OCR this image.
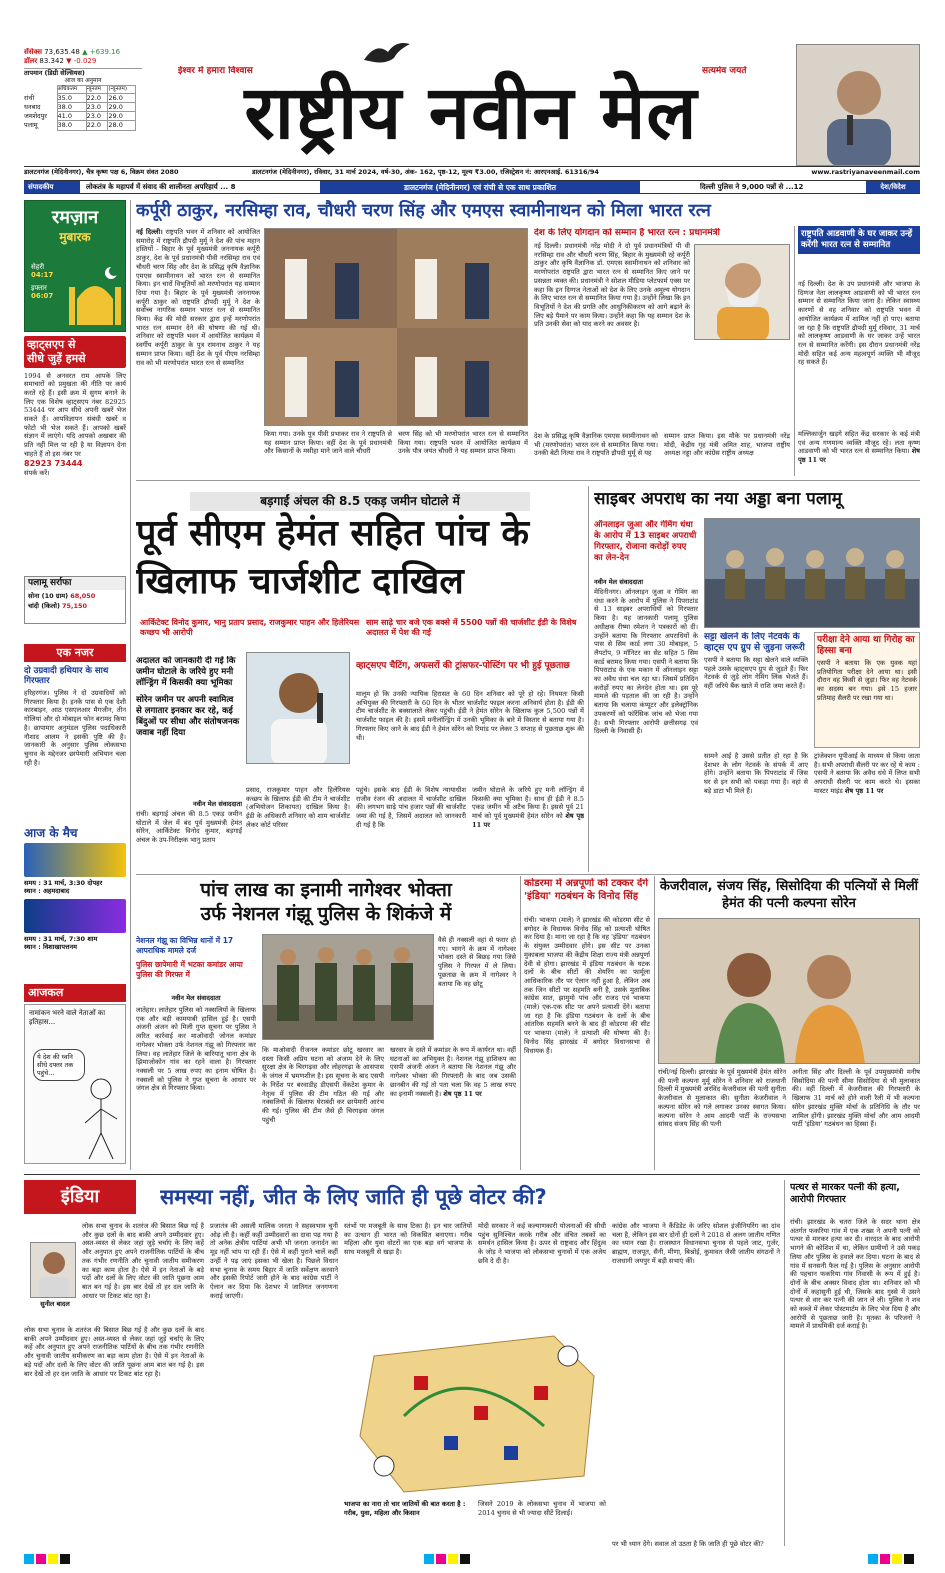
सेंसेक्स 73,635.48 ▲ +639.16
डॉलर 83.342 ▼ -0.029
तापमान (डिग्री सेल्सियस)
आज का अनुमान
	अधिकतम	न्यूनतम	(न्यूनतम)
रांची	35.0	22.0	26.0
धनबाद	38.0	23.0	29.0
जमशेदपुर	41.0	23.0	29.0
पलामू	38.0	22.0	28.0
ईश्वर में हमारा विश्वास	सत्यमेव जयते
राष्ट्रीय नवीन मेल
डालटनगंज (मेदिनीनगर), चैत्र कृष्ण पक्ष 6, विक्रम संवत 2080	डालटनगंज (मेदिनीनगर), रविवार, 31 मार्च 2024, वर्ष-30, अंक- 162, पृष्ठ-12, मूल्य ₹3.00, रजिस्ट्रेशन नं: आरएनआई. 61316/94	www.rastriyanaveenmail.com
संपादकीय	लोकतंत्र के महापर्व में संवाद की शालीनता अपरिहार्य ... 8	डालटनगंज (मेदिनीनगर) एवं रांची से एक साथ प्रकाशित	दिल्ली पुलिस ने 9,000 पन्नों से ...12	देश/विदेश
रमज़ान
मुबारक
सेहरी
04:17
इफ्तार
06:07
व्हाट्सएप से
सीधे जुड़ें हमसे
1994 से अनवरत राम आपके लिए समाचारों को प्रमुखता की नीति पर कार्य करते रहे हैं। इसी क्रम में सुगम बनाने के लिए एक विशेष व्हाट्सएप नंबर 82925 53444 पर आप सीधे अपनी खबरें भेज सकते हैं। आपविज्ञापन संबंधी खबरें व फोटो भी भेज सकते हैं। आपको खबरें संज्ञान में लाएंगे। यदि आपको अखबार की प्रति नहीं मिल पा रही है या विज्ञापन देना चाहते हैं तो इस नंबर पर
82923 73444
संपर्क करें।
पलामू सर्राफा
सोना (10 ग्राम) 68,050
चांदी (किलो) 75,150
एक नजर
दो उग्रवादी हथियार के साथ गिरफ्तार
हरिहरगंज। पुलिस ने दो उग्रवादियों को गिरफ्तार किया है। इनके पास से एक देशी कारबाइन, आठ एसएलआर मैगजीन, तीन गोलियां और दो मोबाइल फोन बरामद किया है। छापामार अनुमंडल पुलिस पदाधिकारी नौशाद आलम ने इसकी पुष्टि की है। जानकारी के अनुसार पुलिस लोकसभा चुनाव के मद्देनजर छापेमारी अभियान चला रही है।
आज के मैच
समय : 31 मार्च, 3:30 दोपहर
स्थान : अहमदाबाद
समय : 31 मार्च, 7:30 शाम
स्थान : विशाखापत्तनम
आजकल
नामांकन भरने वाले नेताओं का इतिहास...
ये देश की ध्वनि सीधे दफ्तर तक पहुंचे...
कर्पूरी ठाकुर, नरसिम्हा राव, चौधरी चरण सिंह और एमएस स्वामीनाथन को मिला भारत रत्न
नई दिल्ली। राष्ट्रपति भवन में शनिवार को आयोजित समारोह में राष्ट्रपति द्रौपदी मुर्मू ने देश की पांच महान हस्तियों - बिहार के पूर्व मुख्यमंत्री जननायक कर्पूरी ठाकुर, देश के पूर्व प्रधानमंत्री पीवी नरसिम्हा राव एवं चौधरी चरण सिंह और देश के प्रसिद्ध कृषि वैज्ञानिक एमएस स्वामीनाथन को भारत रत्न से सम्मानित किया। इन चारों विभूतियों को मरणोपरांत यह सम्मान दिया गया है। बिहार के पूर्व मुख्यमंत्री जननायक कर्पूरी ठाकुर को राष्ट्रपति द्रौपदी मुर्मू ने देश के सर्वोच्च नागरिक सम्मान भारत रत्न से सम्मानित किया। केंद्र की मोदी सरकार द्वारा इन्हें मरणोपरांत भारत रत्न सम्मान देने की घोषणा की गई थी। शनिवार को राष्ट्रपति भवन में आयोजित कार्यक्रम में स्वर्गीय कर्पूरी ठाकुर के पुत्र रामनाथ ठाकुर ने यह सम्मान प्राप्त किया। वहीं देश के पूर्व पीएम नरसिम्हा राव को भी मरणोपरांत भारत रत्न से सम्मानित
किया गया। उनके पुत्र पीवी प्रभाकर राव ने राष्ट्रपति से यह सम्मान प्राप्त किया। वहीं देश के पूर्व प्रधानमंत्री और किसानों के मसीहा माने जाने वाले चौधरी
चरण सिंह को भी मरणोपरांत भारत रत्न से सम्मानित किया गया। राष्ट्रपति भवन में आयोजित कार्यक्रम में उनके पौत्र जयंत चौधरी ने यह सम्मान प्राप्त किया।
देश के लिए योगदान को सम्मान है भारत रत्न : प्रधानमंत्री
नई दिल्ली। प्रधानमंत्री नरेंद्र मोदी ने दो पूर्व प्रधानमंत्रियों पी वी नरसिम्हा राव और चौधरी चरण सिंह, बिहार के मुख्यमंत्री रहे कर्पूरी ठाकुर और कृषि वैज्ञानिक डॉ. एमएस स्वामीनाथन को शनिवार को मरणोपरांत राष्ट्रपति द्वारा भारत रत्न से सम्मानित किए जाने पर प्रसन्नता व्यक्त की। प्रधानमंत्री ने सोशल मीडिया प्लेटफार्म एक्स पर कहा कि इन दिग्गज नेताओं को देश के लिए उनके अमूल्य योगदान के लिए भारत रत्न से सम्मानित किया गया है। उन्होंने लिखा कि इन विभूतियों ने देश की प्रगति और आधुनिकीकरण को आगे बढ़ाने के लिए बड़े पैमाने पर काम किया। उन्होंने कहा कि यह सम्मान देश के प्रति उनकी सेवा को याद करने का अवसर है।
देश के प्रसिद्ध कृषि वैज्ञानिक एमएस स्वामीनाथन को भी (मरणोपरांत) भारत रत्न से सम्मानित किया गया। उनकी बेटी नित्या राव ने राष्ट्रपति द्रौपदी मुर्मू से यह
सम्मान प्राप्त किया। इस मौके पर प्रधानमंत्री नरेंद्र मोदी, केंद्रीय गृह मंत्री अमित शाह, भाजपा राष्ट्रीय अध्यक्ष नड्डा और कांग्रेस राष्ट्रीय अध्यक्ष
राष्ट्रपति आडवाणी के घर जाकर उन्हें करेंगी भारत रत्न से सम्मानित
नई दिल्ली। देश के उप प्रधानमंत्री और भाजपा के दिग्गज नेता लालकृष्ण आडवाणी को भी भारत रत्न सम्मान से सम्मानित किया जाना है। लेकिन स्वास्थ्य कारणों से वह शनिवार को राष्ट्रपति भवन में आयोजित कार्यक्रम में शामिल नहीं हो पाए। बताया जा रहा है कि राष्ट्रपति द्रौपदी मुर्मू रविवार, 31 मार्च को लालकृष्ण आडवाणी के घर जाकर उन्हें भारत रत्न से सम्मानित करेंगी। इस दौरान प्रधानमंत्री नरेंद्र मोदी सहित कई अन्य महत्वपूर्ण व्यक्ति भी मौजूद रह सकते हैं।
मल्लिकार्जुन खड़गे सहित केंद्र सरकार के कई मंत्री एवं अन्य गणमान्य व्यक्ति मौजूद रहे। लता कृष्ण आडवाणी को भी भारत रत्न से सम्मानित किया। शेष पृष्ठ 11 पर
बड़गाईं अंचल की 8.5 एकड़ जमीन घोटाले में
पूर्व सीएम हेमंत सहित पांच के
खिलाफ चार्जशीट दाखिल
आर्किटेक्ट विनोद कुमार, भानु प्रताप प्रसाद, राजकुमार पाहन और हिलेरियस कच्छप भी आरोपी
साम साढ़े चार बजे एक बक्से में 5500 पन्नों की चार्जशीट ईडी के विशेष अदालत में पेश की गई
अदालत को जानकारी दी गई कि जमीन घोटाले के जरिये हुए मनी लॉन्ड्रिंग में किसकी क्या भूमिका
सोरेन जमीन पर अपनी स्वामित्व से लगातार इनकार कर रहे, कई बिंदुओं पर सीधा और संतोषजनक जवाब नहीं दिया
व्हाट्सएप चैटिंग, अफसरों की ट्रांसफर-पोस्टिंग पर भी हुई पूछताछ
मालूम हो कि उनकी न्यायिक हिरासत के 60 दिन शनिवार को पूरे हो रहे। नियमतः किसी अभियुक्त की गिरफ्तारी के 60 दिन के भीतर चार्जशीट फाइल करना अनिवार्य होता है। ईडी की टीम चार्जशीट के बक्सालाते लेकर पहुंची। ईडी ने हेमंत सोरेन के खिलाफ कुल 5,500 पन्नों में चार्जशीट फाइल की है। इसमें मनीलॉन्ड्रिंग में उनकी भूमिका के बारे में विस्तार से बताया गया है। गिरफ्तार किए जाने के बाद ईडी ने हेमंत सोरेन को रिमांड पर लेकर 3 सप्ताह से पूछताछ शुरू की थी।
नवीन मेल संवाददाता
रांची। बड़गाई अंचल की 8.5 एकड़ जमीन घोटाले में जेल में बंद पूर्व मुख्यमंत्री हेमंत सोरेन, आर्किटेक्ट विनोद कुमार, बड़गाईं अंचल के उप-निरीक्षक भानु प्रताप
प्रसाद, राजकुमार पाहन और हिलेरियस कच्छप के खिलाफ ईडी की टीम ने चार्जशीट (अभियोजन शिकायत) दाखिल किया है। ईडी के अधिकारी शनिवार को शाम चार्जशीट लेकर कोर्ट परिसर
पहुंचे। इसके बाद ईडी के विशेष न्यायाधीश राजीव रंजन की अदालत में चार्जशीट दाखिल की। लगभग साढ़े पांच हजार पन्नों की चार्जशीट जमा की गई है, जिसमें अदालत को जानकारी दी गई है कि
जमीन घोटाले के जरिये हुए मनी लॉन्ड्रिंग में किसकी क्या भूमिका है। साथ ही ईडी ने 8.5 एकड़ जमीन भी अटैच किया है। इससे पूर्व 21 मार्च को पूर्व मुख्यमंत्री हेमंत सोरेन को शेष पृष्ठ 11 पर
साइबर अपराध का नया अड्डा बना पलामू
ऑनलाइन जुआ और गेमिंग धंधा के आरोप में 13 साइबर अपराधी गिरफ्तार, रोजाना करोड़ों रुपए का लेन-देन
नवीन मेल संवाददाता
मेदिनीनगर। ऑनलाइन जुआ व गेमिंग का धंधा करने के आरोप में पुलिस ने पिपराटांड से 13 साइबर अपराधियों को गिरफ्तार किया है। यह जानकारी पलामू पुलिस अधीक्षक रीष्मा रमेशन ने पत्रकारों को दी। उन्होंने बताया कि गिरफ्तार अपराधियों के पास से सिम कार्ड लगा 30 मोबाइल, 5 लैपटॉप, 9 मॉनिटर का सेट सहित 5 सिम कार्ड बरामद किया गया। एसपी ने बताया कि पिपराटांड के एक मकान में ऑनलाइन सट्टा का अवैध धंधा चल रहा था। जिसमें प्रतिदिन करोड़ों रुपए का लेनदेन होता था। इस पूरे मामले की पड़ताल की जा रही है। उन्होंने बताया कि चलाया कंप्यूटर और इलेक्ट्रॉनिक उपकरणों को फॉरेंसिक जांच को भेजा गया है। सभी गिरफ्तार आरोपी छत्तीसगढ़ एवं दिल्ली के निवासी हैं।
सट्टा खेलने के लिए नेटवर्क के व्हाट्स एप ग्रुप से जुड़ना जरूरी
एसपी ने बताया कि सट्टा खेलने वाले व्यक्ति पहले उसके व्हाट्सएप ग्रुप से जुड़ते हैं। फिर नेटवर्क से जुड़े लोग गेमिंग लिंक भेजते हैं। वहीं जरिये बैंक खाते में राशि जमा करते हैं।
परीक्षा देने आया था गिरोह का हिस्सा बना
एसपी ने बताया कि एक युवक यहां प्रतियोगिता परीक्षा देने आया था। इसी दौरान वह किसी से जुड़ा। फिर वह नेटवर्क का सदस्य बन गया। इसे 15 हजार प्रतिमाह सैलरी पर रखा गया था।
सामने आई है उससे प्रतीत हो रहा है कि देशभर के लोग नेटवर्क के संपर्क में आए होंगे। उन्होंने बताया कि पिपराटांड में जिस घर से इन सभी को पकड़ा गया है। वहां से बड़े डाटा भी मिले हैं।
ट्रांजेक्शन यूपीआई के माध्यम से किया जाता है। सभी अपराधी सैलरी पर कर रहे थे काम : एसपी ने बताया कि अवैध धंधे में लिप्त सभी अपराधी सैलरी पर काम करते थे। इसका मास्टर माइंड शेष पृष्ठ 11 पर
पांच लाख का इनामी नागेश्वर भोक्ता
उर्फ नेशनल गंझू पुलिस के शिकंजे में
नेशनल गंझू का विभिन्न थानों में 17 आपराधिक मामले दर्ज
पुलिस छापेमारी में भटका कमांडर आया पुलिस की गिरफ्त में
नवीन मेल संवाददाता
लातेहार। लातेहार पुलिस को नक्सलियों के खिलाफ एक और बड़ी कामयाबी हासिल हुई है। एसपी अंजनी अंजन को मिली गुप्त सूचना पर पुलिस ने त्वरित कार्रवाई कर माओवादी जोनल कमांडर नागेश्वर भोक्ता उर्फ नेशनल गंझू को गिरफ्तार कर लिया। वह लातेहार जिले के बारियातू थाना क्षेत्र के झिमाजोकोन गांव का रहने वाला है। गिरफ्तार नक्सली पर 5 लाख रुपए का इनाम घोषित है। नक्सली को पुलिस ने गुप्त सूचना के आधार पर जंगल क्षेत्र से गिरफ्तार किया।
वैसे ही नक्सली वहां से फरार हो गए। भागने के क्रम में नागेश्वर भोक्ता दस्ते से बिछड़ गया जिसे पुलिस ने गिरफ्त में ले लिया। पूछताछ के क्रम में नागेश्वर ने बताया कि वह छोटू
कि माओवादी रीजनल कमांडर छोटू खरवार का दस्ता किसी अप्रिय घटना को अंजाम देने के लिए सुरक्षा क्षेत्र के चिरगढ़वा और लोहरगढ़ा के आसपास के जंगल में भ्रमणशील है। इस सूचना के बाद एसपी के निर्देश पर बरवाडीह डीएसपी वेंकटेश कुमार के नेतृत्व में पुलिस की टीम गठित की गई और नक्सलियों के खिलाफ घेराबंदी कर छापेमारी आरंभ की गई। पुलिस की टीम जैसे ही चिरगढ़वा जंगल पहुंची
खरवार के दस्ते में कमांडर के रूप में कार्यरत था। वहीं घटनाओं का अभियुक्त है। नेशनल गंझू हाशिकप का एसपी अंजनी अंजन ने बताया कि नेशनल गंझू और नागेश्वर भोक्ता की गिरफ्तारी के बाद जब उसकी छानबीन की गई तो पता चला कि वह 5 लाख रुपए का इनामी नक्सली है। शेष पृष्ठ 11 पर
कोडरमा में अन्नपूर्णा को टक्कर देंगे 'इंडिया' गठबंधन के विनोद सिंह
रांची। भाकपा (माले) ने झारखंड की कोडरमा सीट से बगोदर के विधायक विनोद सिंह को प्रत्याशी घोषित कर दिया है। माना जा रहा है कि वह 'इंडिया' गठबंधन के संयुक्त उम्मीदवार होंगे। इस सीट पर उनका मुकाबला भाजपा की केंद्रीय शिक्षा राज्य मंत्री अन्नपूर्णा देवी से होगा। झारखंड में इंडिया गठबंधन के घटक दलों के बीच सीटों की शेयरिंग का फार्मूला आधिकारिक तौर पर ऐलान नहीं हुआ है, लेकिन अब तक जिन सीटों पर सहमति बनी है, उसके मुताबिक कांग्रेस सात, झामुमो पांच और राजद एवं भाकपा (माले) एक-एक सीट पर अपने प्रत्याशी देंगे। बताया जा रहा है कि इंडिया गठबंधन के दलों के बीच आंतरिक सहमति बनने के बाद ही कोडरमा की सीट पर भाकपा (माले) ने प्रत्याशी की घोषणा की है। विनोद सिंह झारखंड में बगोदर विधानसभा से विधायक हैं।
केजरीवाल, संजय सिंह, सिसोदिया की पत्नियों से मिलीं हेमंत की पत्नी कल्पना सोरेन
रांची/नई दिल्ली। झारखंड के पूर्व मुख्यमंत्री हेमंत सोरेन की पत्नी कल्पना मुर्मू सोरेन ने शनिवार को राजधानी दिल्ली में मुख्यमंत्री अरविंद केजरीवाल की पत्नी सुनीता केजरीवाल से मुलाकात की। सुनीता केजरीवाल ने कल्पना सोरेन को गले लगाकर उनका स्वागत किया। कल्पना सोरेन ने आम आदमी पार्टी के राज्यसभा सांसद संजय सिंह की पत्नी
अनीता सिंह और दिल्ली के पूर्व उपमुख्यमंत्री मनीष सिसोदिया की पत्नी सीमा सिसोदिया से भी मुलाकात की। वहीं दिल्ली में केजरीवाल की गिरफ्तारी के खिलाफ 31 मार्च को होने वाली रैली में भी कल्पना सोरेन झारखंड मुक्ति मोर्चा के प्रतिनिधि के तौर पर शामिल होंगी। झारखंड मुक्ति मोर्चा और आम आदमी पार्टी 'इंडिया' गठबंधन का हिस्सा हैं।
इंडिया	समस्या नहीं, जीत के लिए जाति ही पूछे वोटर की?
सुनील बादल
लोक सभा चुनाव के शतरंज की बिसात बिछ गई है और कुछ दलों के बाद बाकी अपने उम्मीदवार हुए। अस्त-व्यस्त से लेकर जहां जुड़े चर्चाएं के लिए कहें और अनुपात हुए अपने राजनीतिक पार्टियों के बीच तक गंभीर रणनीति और चुनावी जातीय समीकरण का बड़ा काम होता है। ऐसे में इन नेताओं के बड़े पदों और दलों के लिए वोटर की जाति पूछना आम बात बन गई है। इस बार देखें तो हर दल जाति के आधार पर टिकट बांट रहा है।
लोक सभा चुनाव के शतरंज की बिसात बिछ गई है और कुछ दलों के बाद बाकी अपने उम्मीदवार हुए। अस्त-व्यस्त से लेकर जहां जुड़े चर्चाएं के लिए कहें और अनुपात हुए अपने राजनीतिक पार्टियों के बीच तक गंभीर रणनीति और चुनावी जातीय समीकरण का बड़ा काम होता है। ऐसे में इन नेताओं के बड़े पदों और दलों के लिए वोटर की जाति पूछना आम बात बन गई है। इस बार देखें तो हर दल जाति के आधार पर टिकट बांट रहा है।
प्रजातंत्र की असली मालिक जनता ने सहस्वभाव चुनी ओढ़ ली है। कहीं कहीं उम्मीदवारों का दावा पढ़ गया है तो अनेक क्षेत्रीय पार्टियां अभी भी जनता जनार्दन का मूड नहीं भांप पा रही हैं। ऐसे में कहीं पुराने चालें कहीं उन्हीं ने पढ़ जाएं इसका भी खेला है। पिछले विधान सभा चुनाव के समय बिहार में जाति सर्वेक्षण करवाने और इसकी रिपोर्ट जारी होने के बाद कांग्रेस पार्टी ने ऐलान कर दिया कि देशभर में जातिगत जनगणना कराई जाएगी।
स्तंभों पर मजबूती के साथ टिका है। इन चार जातियों का उत्थान ही भारत को विकसित बनाएगा। गरीब महिला और युवा वोटरों का एक बड़ा वर्ग भाजपा के साथ मजबूती से खड़ा है।
मोदी सरकार ने कई कल्याणकारी योजनाओं की सीधी पहुंच सुनिश्चित करके गरीब और वंचित तबकों का समर्थन हासिल किया है। ऊपर से राष्ट्रवाद और हिंदुत्व के जोड़ ने भाजपा को लोकसभा चुनावों में एक अजेय छवि दे दी है।
कांग्रेस और भाजपा ने कैंडिडेट के जरिए सोशल इंजीनियरिंग का दांव चला है, लेकिन इस बार दोनों ही दलों ने 2018 से अलग जातीय गणित का ध्यान रखा है। राजस्थान विधानसभा चुनाव से पहले जाट, गुर्जर, ब्राह्मण, राजपूत, सैनी, मीणा, बिश्नोई, कुमावत जैसी जातीय संगठनों ने राजधानी जयपुर में बड़ी सभाएं कीं।
भाजपा का नारा तो चार जातियों की बात करता है : गरीब, युवा, महिला और किसान
जिसने 2019 के लोकसभा चुनाव में भाजपा को 2014 चुनाव से भी ज्यादा सीटें दिलाईं।
पर भी ध्यान देंगे। सवाल तो उठता है कि जाति ही पूछे वोटर की?
पत्थर से मारकर पत्नी की हत्या, आरोपी गिरफ्तार
रांची। झारखंड के चतरा जिले के सदर थाना क्षेत्र अंतर्गत फकरिया गांव में एक शख्स ने अपनी पत्नी को पत्थर से मारकर हत्या कर दी। वारदात के बाद आरोपी भागने की कोशिश में था, लेकिन ग्रामीणों ने उसे पकड़ लिया और पुलिस के हवाले कर दिया। घटना के बाद से गांव में सनसनी फैल गई है। पुलिस के अनुसार आरोपी की पहचान फकरिया गांव निवासी के रूप में हुई है। दोनों के बीच अक्सर विवाद होता था। शनिवार को भी दोनों में कहासुनी हुई थी, जिसके बाद गुस्से में उसने पत्थर से वार कर पत्नी की जान ले ली। पुलिस ने शव को कब्जे में लेकर पोस्टमार्टम के लिए भेज दिया है और आरोपी से पूछताछ जारी है। मृतका के परिजनों ने मामले में प्राथमिकी दर्ज कराई है।
